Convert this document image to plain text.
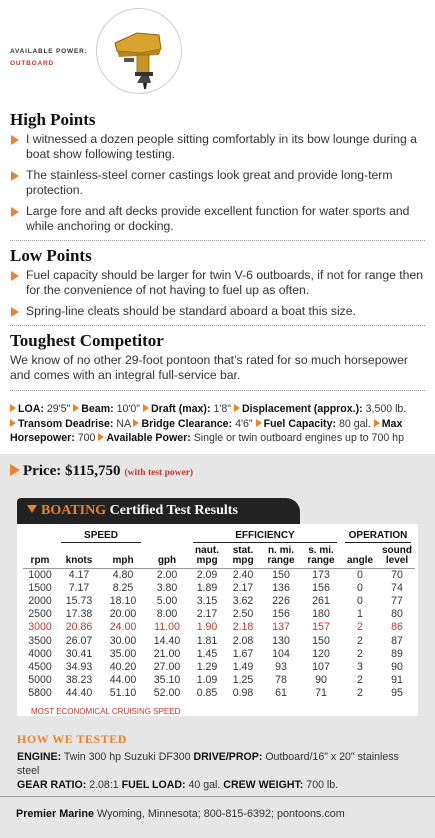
AVAILABLE POWER:
OUTBOARD
High Points
I witnessed a dozen people sitting comfortably in its bow lounge during a boat show following testing.
The stainless-steel corner castings look great and provide long-term protection.
Large fore and aft decks provide excellent function for water sports and while anchoring or docking.
Low Points
Fuel capacity should be larger for twin V-6 outboards, if not for range then for the convenience of not having to fuel up as often.
Spring-line cleats should be standard aboard a boat this size.
Toughest Competitor

We know of no other 29-foot pontoon that’s rated for so much horsepower and comes with an integral full-service bar.

LOA: 29'5" Beam: 10'0" Draft (max): 1'8" Displacement (approx.): 3,500 lb.
Transom Deadrise: NA Bridge Clearance: 4'6" Fuel Capacity: 80 gal. Max Horsepower: 700 Available Power: Single or twin outboard engines up to 700 hp
Price: $115,750 (with test power)
BOATING Certified Test Results

	SPEED			EFFICIENCY				OPERATION	

rpm	knots	mph	gph	naut. mpg	stat. mpg	n. mi. range	s. mi. range	angle	sound level
1000	4.17	4.80	2.00	2.09	2.40	150	173	0	70
1500	7.17	8.25	3.80	1.89	2.17	136	156	0	74
2000	15.73	18.10	5.00	3.15	3.62	226	261	0	77
2500	17.38	20.00	8.00	2.17	2.50	156	180	1	80
3000	20.86	24.00	11.00	1.90	2.18	137	157	2	86
3500	26.07	30.00	14.40	1.81	2.08	130	150	2	87
4000	30.41	35.00	21.00	1.45	1.67	104	120	2	89
4500	34.93	40.20	27.00	1.29	1.49	93	107	3	90
5000	38.23	44.00	35.10	1.09	1.25	78	90	2	91
5800	44.40	51.10	52.00	0.85	0.98	61	71	2	95
MOST ECONOMICAL CRUISING SPEED
HOW WE TESTED

ENGINE: Twin 300 hp Suzuki DF300 DRIVE/PROP: Outboard/16" x 20" stainless steel
GEAR RATIO: 2.08:1 FUEL LOAD: 40 gal. CREW WEIGHT: 700 lb.

Premier Marine Wyoming, Minnesota; 800-815-6392; pontoons.com
